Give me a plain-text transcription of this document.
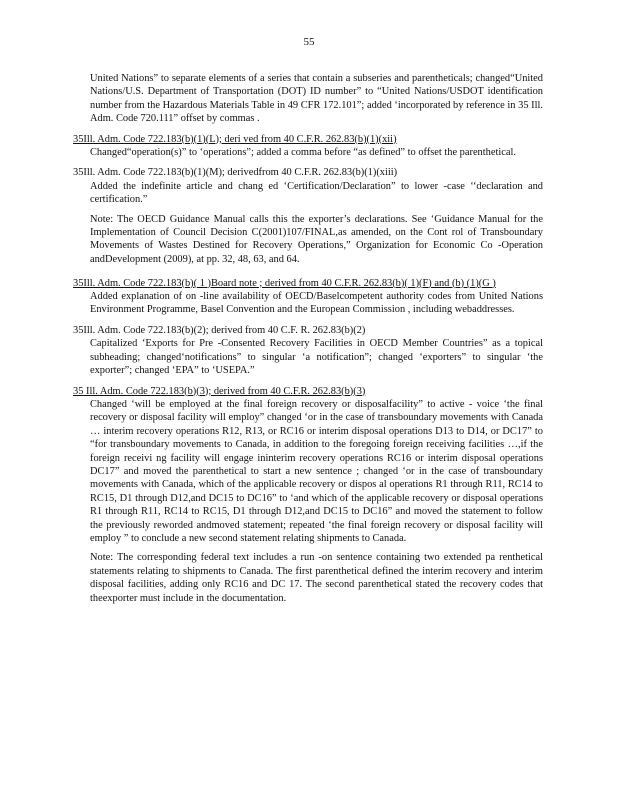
55

United Nations” to separate elements of a series that contain a subseries and parentheticals; changed“United Nations/U.S. Department of Transportation (DOT) ID number” to “United Nations/USDOT identification number from the Hazardous Materials Table in 49 CFR 172.101”; added ‘incorporated by reference in 35 Ill. Adm. Code 720.111” offset by commas .

35Ill. Adm. Code 722.183(b)(1)(L); deri ved from 40 C.F.R. 262.83(b)(1)(xii)

Changed“operation(s)” to ‘operations”; added a comma before “as defined” to offset the parenthetical.

35Ill. Adm. Code 722.183(b)(1)(M); derivedfrom 40 C.F.R. 262.83(b)(1)(xiii)

Added the indefinite article and chang ed ‘Certification/Declaration” to lower -case ‘‘declaration and certification.”

Note: The OECD Guidance Manual calls this the exporter’s declarations. See ‘Guidance Manual for the Implementation of Council Decision C(2001)107/FINAL,as amended, on the Cont rol of Transboundary Movements of Wastes Destined for Recovery Operations,” Organization for Economic Co -Operation andDevelopment (2009), at pp. 32, 48, 63, and 64.

35Ill. Adm. Code 722.183(b)( 1 )Board note ; derived from 40 C.F.R. 262.83(b)( 1)(F) and (b) (1)(G )

Added explanation of on -line availability of OECD/Baselcompetent authority codes from United Nations Environment Programme, Basel Convention and the European Commission , including webaddresses.

35Ill. Adm. Code 722.183(b)(2); derived from 40 C.F. R. 262.83(b)(2)

Capitalized ‘Exports for Pre -Consented Recovery Facilities in OECD Member Countries” as a topical subheading; changed‘notifications” to singular ‘a notification”; changed ‘exporters” to singular ‘the exporter”; changed ‘EPA” to ‘USEPA.”

35 Ill. Adm. Code 722.183(b)(3); derived from 40 C.F.R. 262.83(b)(3)

Changed ‘will be employed at the final foreign recovery or disposalfacility” to active - voice ‘the final recovery or disposal facility will employ” changed ‘or in the case of transboundary movements with Canada … interim recovery operations R12, R13, or RC16 or interim disposal operations D13 to D14, or DC17” to “for transboundary movements to Canada, in addition to the foregoing foreign receiving facilities …,if the foreign receivi ng facility will engage ininterim recovery operations RC16 or interim disposal operations DC17” and moved the parenthetical to start a new sentence ; changed ‘or in the case of transboundary movements with Canada, which of the applicable recovery or dispos al operations R1 through R11, RC14 to RC15, D1 through D12,and DC15 to DC16” to ‘and which of the applicable recovery or disposal operations R1 through R11, RC14 to RC15, D1 through D12,and DC15 to DC16” and moved the statement to follow the previously reworded andmoved statement; repeated ‘the final foreign recovery or disposal facility will employ ” to conclude a new second statement relating shipments to Canada.

Note: The corresponding federal text includes a run -on sentence containing two extended pa renthetical statements relating to shipments to Canada. The first parenthetical defined the interim recovery and interim disposal facilities, adding only RC16 and DC 17. The second parenthetical stated the recovery codes that theexporter must include in the documentation.
